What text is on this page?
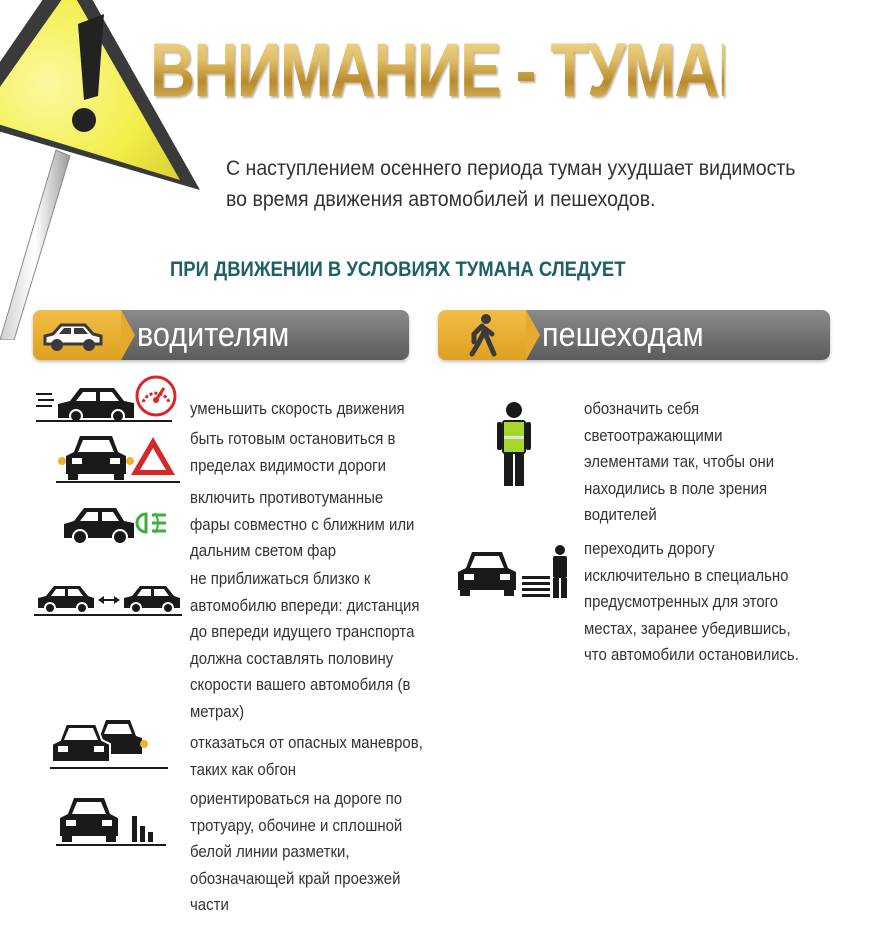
ВНИМАНИЕ - ТУМАН!
С наступлением осеннего периода туман ухудшает видимость во время движения автомобилей и пешеходов.
ПРИ ДВИЖЕНИИ В УСЛОВИЯХ ТУМАНА СЛЕДУЕТ
водителям	пешеходам
уменьшить скорость движения
быть готовым остановиться в пределах видимости дороги
включить противотуманные фары совместно с ближним или дальним светом фар
не приближаться близко к автомобилю впереди: дистанция до впереди идущего транспорта должна составлять половину скорости вашего автомобиля (в метрах)
отказаться от опасных маневров, таких как обгон
ориентироваться на дороге по тротуару, обочине и сплошной белой линии разметки, обозначающей край проезжей части
обозначить себя светоотражающими элементами так, чтобы они находились в поле зрения водителей
переходить дорогу исключительно в специально предусмотренных для этого местах, заранее убедившись, что автомобили остановились.
